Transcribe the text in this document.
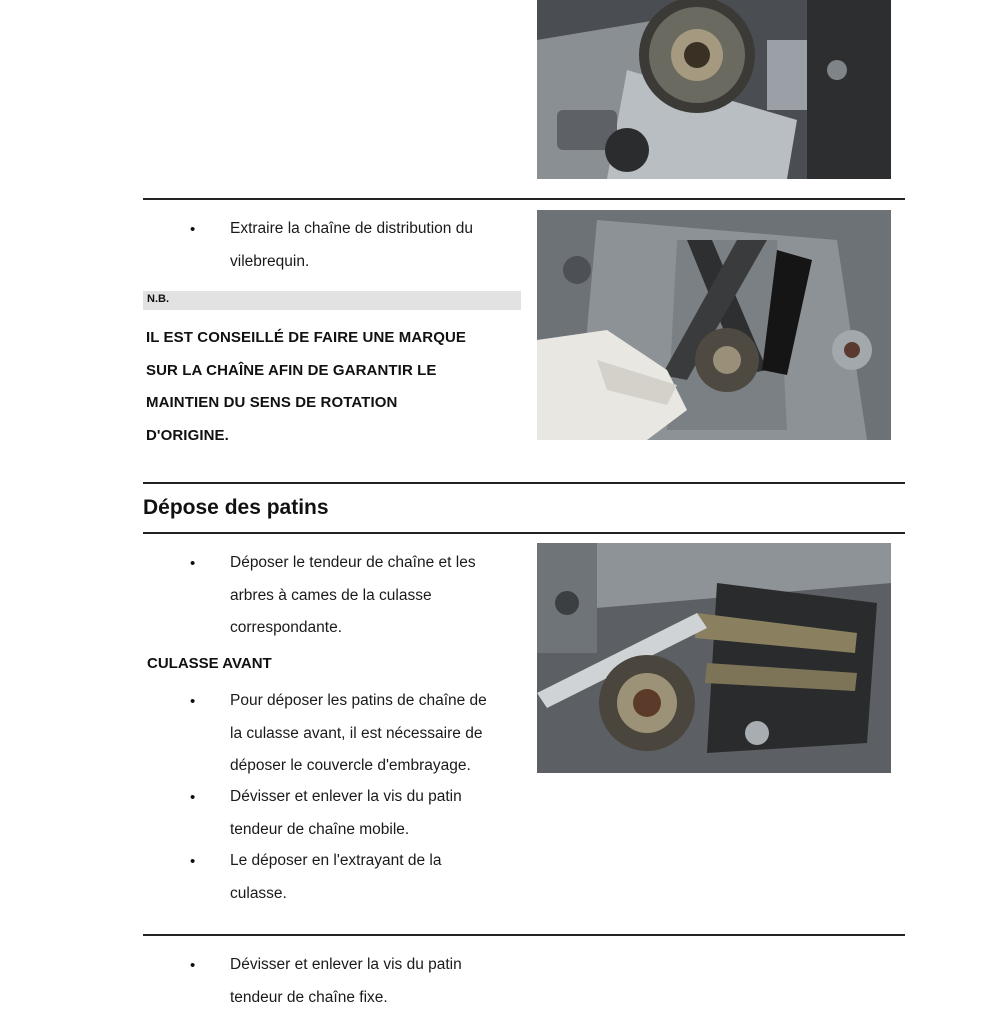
• Extraire la chaîne de distribution du
vilebrequin.
N.B.
IL EST CONSEILLÉ DE FAIRE UNE MARQUE
SUR LA CHAÎNE AFIN DE GARANTIR LE
MAINTIEN DU SENS DE ROTATION
D'ORIGINE.
Dépose des patins
• Déposer le tendeur de chaîne et les
arbres à cames de la culasse
correspondante.
CULASSE AVANT
• Pour déposer les patins de chaîne de
la culasse avant, il est nécessaire de
déposer le couvercle d'embrayage.
• Dévisser et enlever la vis du patin
tendeur de chaîne mobile.
• Le déposer en l'extrayant de la
culasse.
• Dévisser et enlever la vis du patin
tendeur de chaîne fixe.
